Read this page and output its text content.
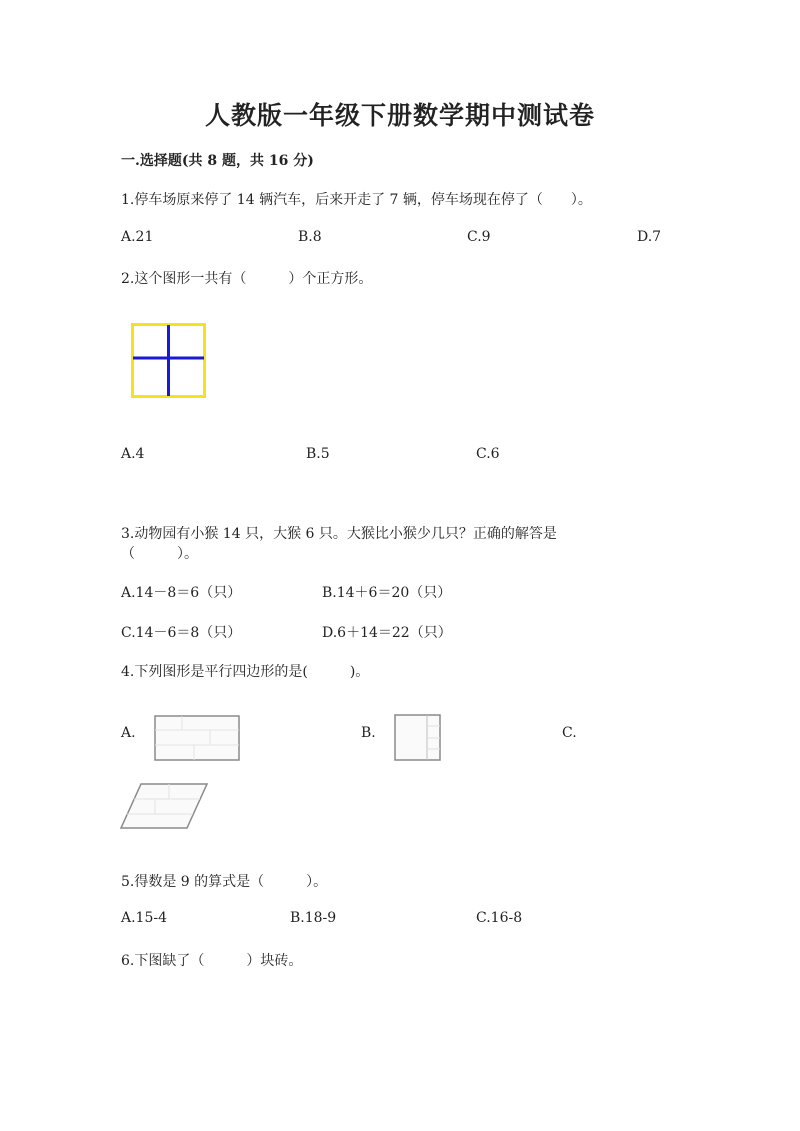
人教版一年级下册数学期中测试卷
一.选择题(共 8 题，共 16 分)
1.停车场原来停了 14 辆汽车，后来开走了 7 辆，停车场现在停了（　　）。
A.21	B.8	C.9	D.7
2.这个图形一共有（　　　）个正方形。
A.4	B.5	C.6
3.动物园有小猴 14 只，大猴 6 只。大猴比小猴少几只？正确的解答是
（　　　）。
A.14－8＝6（只）	B.14＋6＝20（只）
C.14－6＝8（只）	D.6＋14＝22（只）
4.下列图形是平行四边形的是(　　　)。
A.	B.	C.
5.得数是 9 的算式是（　　　）。
A.15-4	B.18-9	C.16-8
6.下图缺了（　　　）块砖。
